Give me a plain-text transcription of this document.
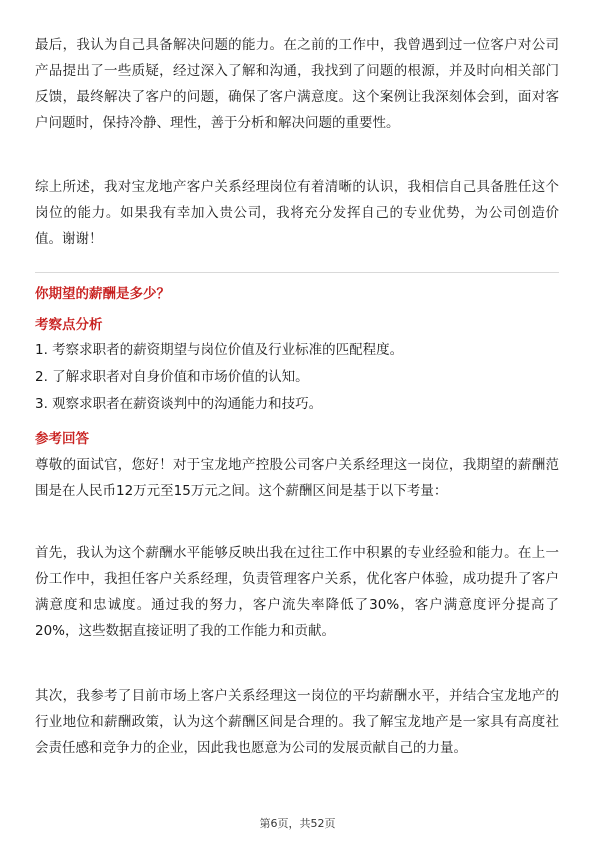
最后，我认为自己具备解决问题的能力。在之前的工作中，我曾遇到过一位客户对公司产品提出了一些质疑，经过深入了解和沟通，我找到了问题的根源，并及时向相关部门反馈，最终解决了客户的问题，确保了客户满意度。这个案例让我深刻体会到，面对客户问题时，保持冷静、理性，善于分析和解决问题的重要性。

综上所述，我对宝龙地产客户关系经理岗位有着清晰的认识，我相信自己具备胜任这个岗位的能力。如果我有幸加入贵公司，我将充分发挥自己的专业优势，为公司创造价值。谢谢！

你期望的薪酬是多少？

考察点分析

1. 考察求职者的薪资期望与岗位价值及行业标准的匹配程度。

2. 了解求职者对自身价值和市场价值的认知。

3. 观察求职者在薪资谈判中的沟通能力和技巧。

参考回答

尊敬的面试官，您好！对于宝龙地产控股公司客户关系经理这一岗位，我期望的薪酬范围是在人民币12万元至15万元之间。这个薪酬区间是基于以下考量：

首先，我认为这个薪酬水平能够反映出我在过往工作中积累的专业经验和能力。在上一份工作中，我担任客户关系经理，负责管理客户关系，优化客户体验，成功提升了客户满意度和忠诚度。通过我的努力，客户流失率降低了30%，客户满意度评分提高了20%，这些数据直接证明了我的工作能力和贡献。

其次，我参考了目前市场上客户关系经理这一岗位的平均薪酬水平，并结合宝龙地产的行业地位和薪酬政策，认为这个薪酬区间是合理的。我了解宝龙地产是一家具有高度社会责任感和竞争力的企业，因此我也愿意为公司的发展贡献自己的力量。

第6页，共52页
